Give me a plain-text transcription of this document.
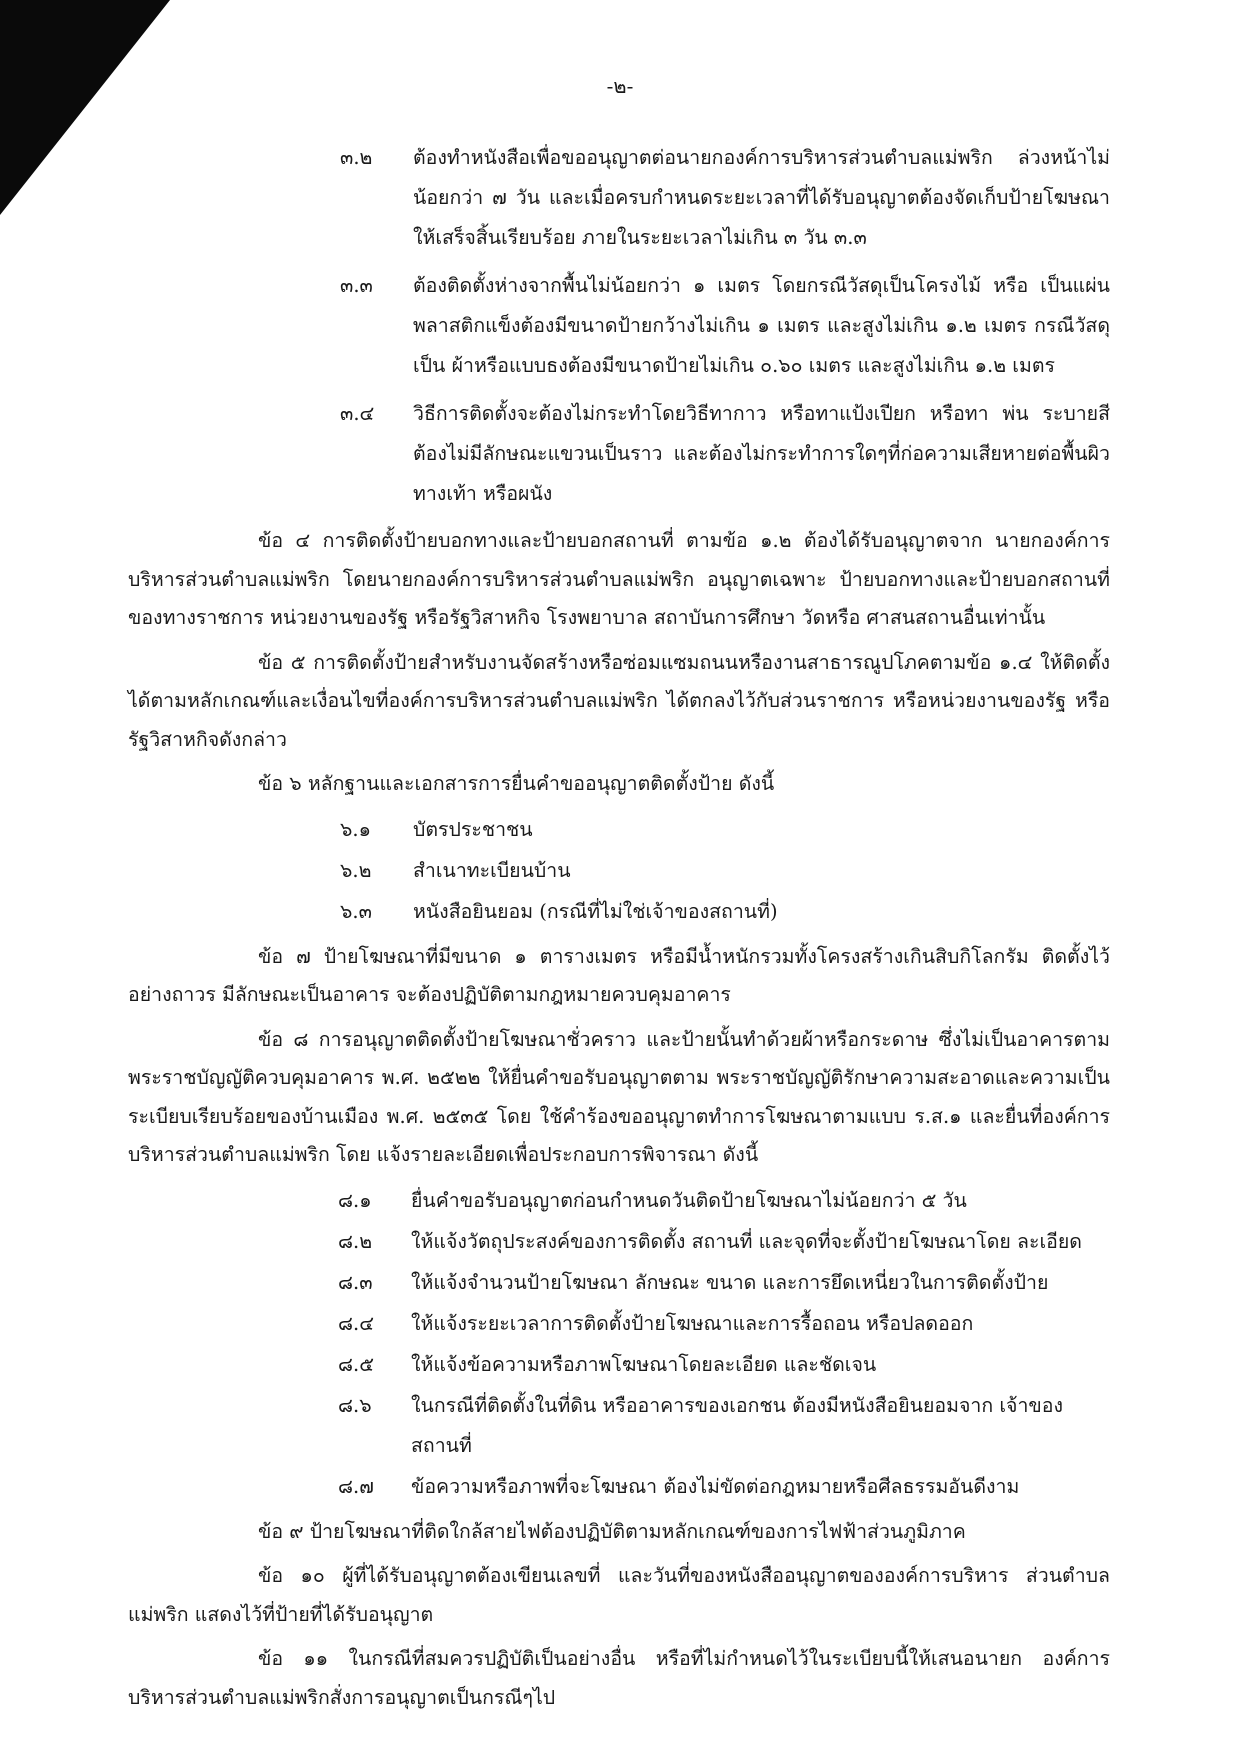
-๒-
๓.๒	ต้องทำหนังสือเพื่อขออนุญาตต่อนายกองค์การบริหารส่วนตำบลแม่พริก ล่วงหน้าไม่น้อยกว่า ๗ วัน และเมื่อครบกำหนดระยะเวลาที่ได้รับอนุญาตต้องจัดเก็บป้ายโฆษณา ให้เสร็จสิ้นเรียบร้อย ภายในระยะเวลาไม่เกิน ๓ วัน ๓.๓
๓.๓	ต้องติดตั้งห่างจากพื้นไม่น้อยกว่า ๑ เมตร โดยกรณีวัสดุเป็นโครงไม้ หรือ เป็นแผ่นพลาสติกแข็งต้องมีขนาดป้ายกว้างไม่เกิน ๑ เมตร และสูงไม่เกิน ๑.๒ เมตร กรณีวัสดุเป็น ผ้าหรือแบบธงต้องมีขนาดป้ายไม่เกิน ๐.๖๐ เมตร และสูงไม่เกิน ๑.๒ เมตร
๓.๔	วิธีการติดตั้งจะต้องไม่กระทำโดยวิธีทากาว หรือทาแป้งเปียก หรือทา พ่น ระบายสี ต้องไม่มีลักษณะแขวนเป็นราว และต้องไม่กระทำการใดๆที่ก่อความเสียหายต่อพื้นผิว ทางเท้า หรือผนัง

ข้อ ๔ การติดตั้งป้ายบอกทางและป้ายบอกสถานที่ ตามข้อ ๑.๒ ต้องได้รับอนุญาตจาก นายกองค์การบริหารส่วนตำบลแม่พริก โดยนายกองค์การบริหารส่วนตำบลแม่พริก อนุญาตเฉพาะ ป้ายบอกทางและป้ายบอกสถานที่ของทางราชการ หน่วยงานของรัฐ หรือรัฐวิสาหกิจ โรงพยาบาล สถาบันการศึกษา วัดหรือ ศาสนสถานอื่นเท่านั้น

ข้อ ๕ การติดตั้งป้ายสำหรับงานจัดสร้างหรือซ่อมแซมถนนหรืองานสาธารณูปโภคตามข้อ ๑.๔ ให้ติดตั้งได้ตามหลักเกณฑ์และเงื่อนไขที่องค์การบริหารส่วนตำบลแม่พริก ได้ตกลงไว้กับส่วนราชการ หรือหน่วยงานของรัฐ หรือรัฐวิสาหกิจดังกล่าว

ข้อ ๖ หลักฐานและเอกสารการยื่นคำขออนุญาตติดตั้งป้าย ดังนี้

๖.๑	บัตรประชาชน
๖.๒	สำเนาทะเบียนบ้าน
๖.๓	หนังสือยินยอม (กรณีที่ไม่ใช่เจ้าของสถานที่)

ข้อ ๗ ป้ายโฆษณาที่มีขนาด ๑ ตารางเมตร หรือมีน้ำหนักรวมทั้งโครงสร้างเกินสิบกิโลกรัม ติดตั้งไว้อย่างถาวร มีลักษณะเป็นอาคาร จะต้องปฏิบัติตามกฎหมายควบคุมอาคาร

ข้อ ๘ การอนุญาตติดตั้งป้ายโฆษณาชั่วคราว และป้ายนั้นทำด้วยผ้าหรือกระดาษ ซึ่งไม่เป็นอาคารตาม พระราชบัญญัติควบคุมอาคาร พ.ศ. ๒๕๒๒ ให้ยื่นคำขอรับอนุญาตตาม พระราชบัญญัติรักษาความสะอาดและความเป็นระเบียบเรียบร้อยของบ้านเมือง พ.ศ. ๒๕๓๕ โดย ใช้คำร้องขออนุญาตทำการโฆษณาตามแบบ ร.ส.๑ และยื่นที่องค์การบริหารส่วนตำบลแม่พริก โดย แจ้งรายละเอียดเพื่อประกอบการพิจารณา ดังนี้

๘.๑	ยื่นคำขอรับอนุญาตก่อนกำหนดวันติดป้ายโฆษณาไม่น้อยกว่า ๕ วัน
๘.๒	ให้แจ้งวัตถุประสงค์ของการติดตั้ง สถานที่ และจุดที่จะตั้งป้ายโฆษณาโดย ละเอียด
๘.๓	ให้แจ้งจำนวนป้ายโฆษณา ลักษณะ ขนาด และการยึดเหนี่ยวในการติดตั้งป้าย
๘.๔	ให้แจ้งระยะเวลาการติดตั้งป้ายโฆษณาและการรื้อถอน หรือปลดออก
๘.๕	ให้แจ้งข้อความหรือภาพโฆษณาโดยละเอียด และชัดเจน
๘.๖	ในกรณีที่ติดตั้งในที่ดิน หรืออาคารของเอกชน ต้องมีหนังสือยินยอมจาก เจ้าของสถานที่
๘.๗	ข้อความหรือภาพที่จะโฆษณา ต้องไม่ขัดต่อกฎหมายหรือศีลธรรมอันดีงาม

ข้อ ๙ ป้ายโฆษณาที่ติดใกล้สายไฟต้องปฏิบัติตามหลักเกณฑ์ของการไฟฟ้าส่วนภูมิภาค

ข้อ ๑๐ ผู้ที่ได้รับอนุญาตต้องเขียนเลขที่ และวันที่ของหนังสืออนุญาตขององค์การบริหาร ส่วนตำบลแม่พริก แสดงไว้ที่ป้ายที่ได้รับอนุญาต

ข้อ ๑๑ ในกรณีที่สมควรปฏิบัติเป็นอย่างอื่น หรือที่ไม่กำหนดไว้ในระเบียบนี้ให้เสนอนายก องค์การบริหารส่วนตำบลแม่พริกสั่งการอนุญาตเป็นกรณีๆไป
